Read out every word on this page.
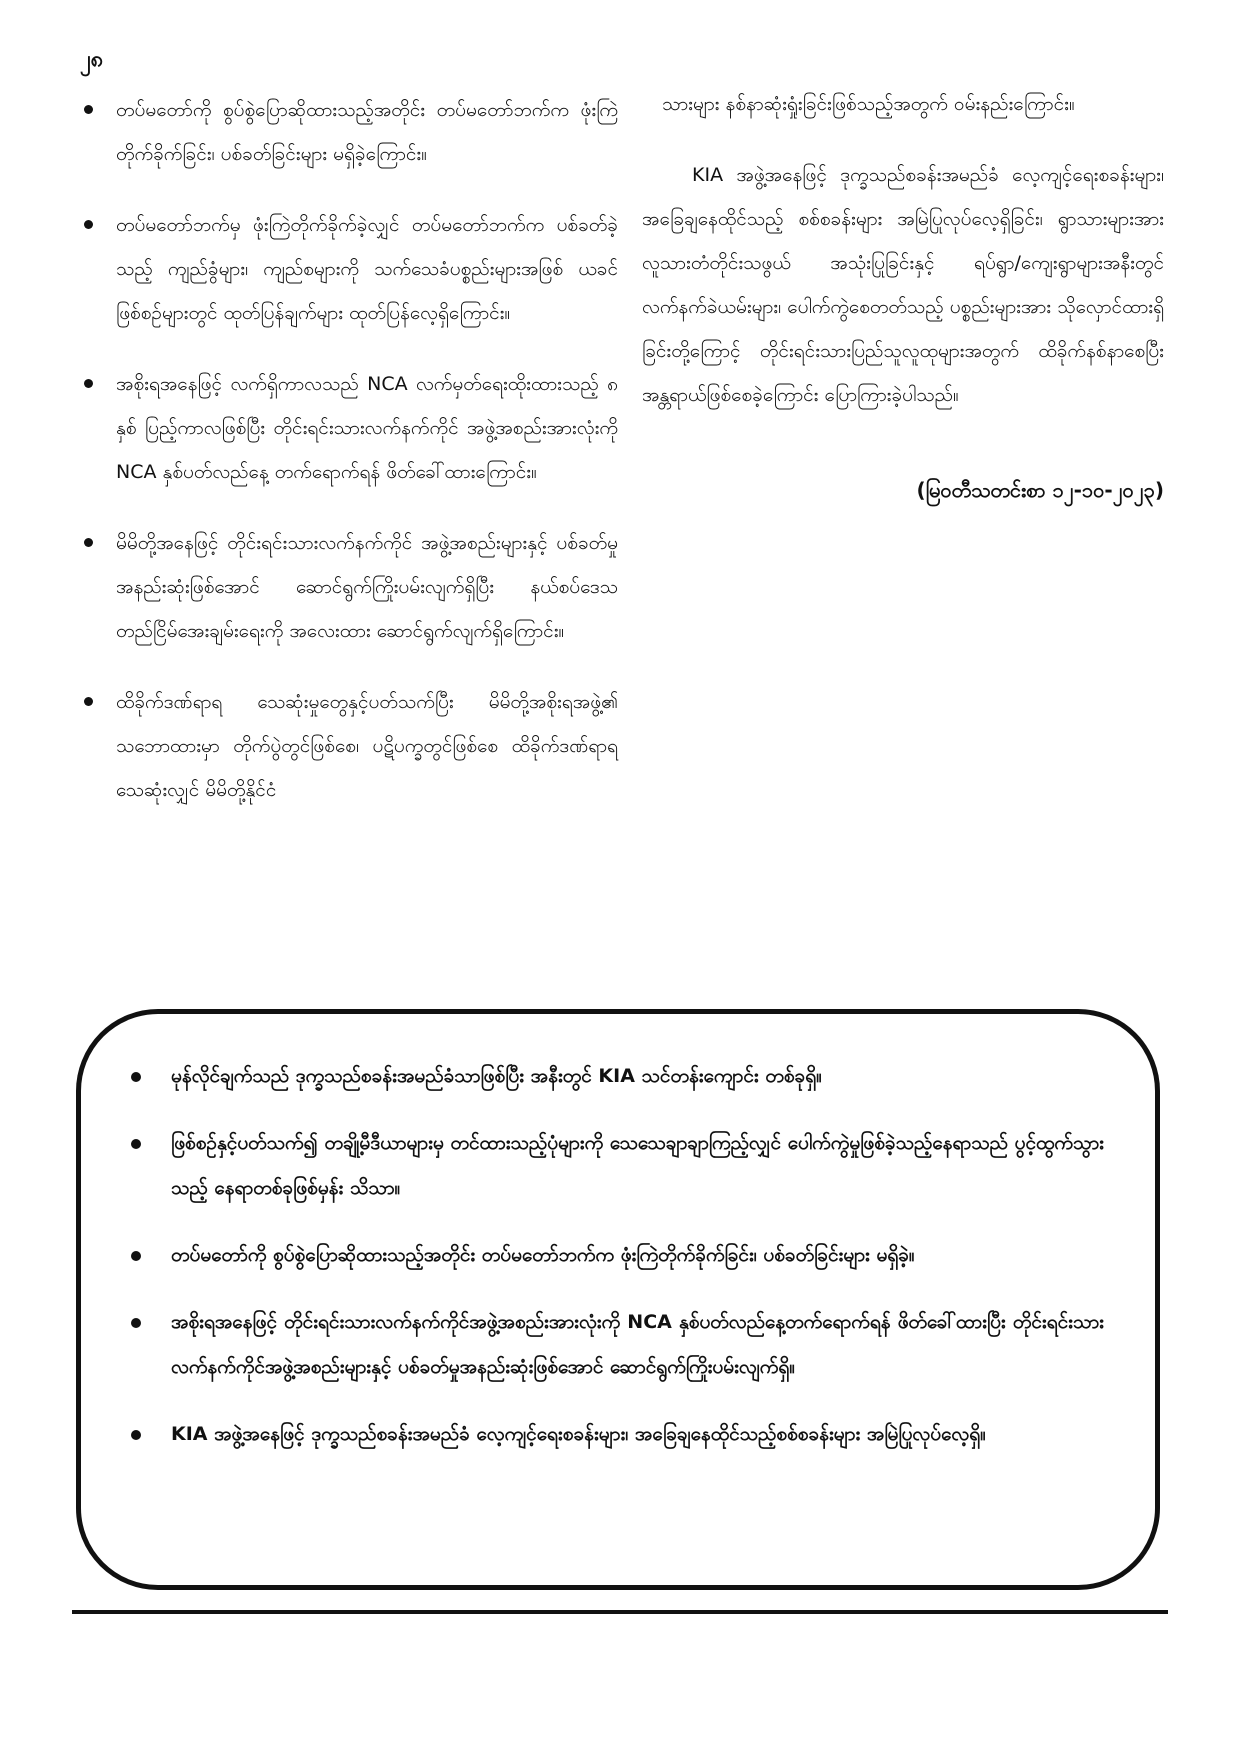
၂၈
တပ်မတော်ကို စွပ်စွဲပြောဆိုထားသည့်အတိုင်း တပ်မတော်ဘက်က ဖုံးကြဲတိုက်ခိုက်ခြင်း၊ ပစ်ခတ်ခြင်းများ မရှိခဲ့ကြောင်း။
တပ်မတော်ဘက်မှ ဖုံးကြဲတိုက်ခိုက်ခဲ့လျှင် တပ်မတော်ဘက်က ပစ်ခတ်ခဲ့သည့် ကျည်ခွံများ၊ ကျည်စများကို သက်သေခံပစ္စည်းများအဖြစ် ယခင်ဖြစ်စဉ်များတွင် ထုတ်ပြန်ချက်များ ထုတ်ပြန်လေ့ရှိကြောင်း။
အစိုးရအနေဖြင့် လက်ရှိကာလသည် NCA လက်မှတ်ရေးထိုးထားသည့် ၈ နှစ် ပြည့်ကာလဖြစ်ပြီး တိုင်းရင်းသားလက်နက်ကိုင် အဖွဲ့အစည်းအားလုံးကို NCA နှစ်ပတ်လည်နေ့ တက်ရောက်ရန် ဖိတ်ခေါ်ထားကြောင်း။
မိမိတို့အနေဖြင့် တိုင်းရင်းသားလက်နက်ကိုင် အဖွဲ့အစည်းများနှင့် ပစ်ခတ်မှု အနည်းဆုံးဖြစ်အောင် ဆောင်ရွက်ကြိုးပမ်းလျက်ရှိပြီး နယ်စပ်ဒေသ တည်ငြိမ်အေးချမ်းရေးကို အလေးထား ဆောင်ရွက်လျက်ရှိကြောင်း။
ထိခိုက်ဒဏ်ရာရ သေဆုံးမှုတွေနှင့်ပတ်သက်ပြီး မိမိတို့အစိုးရအဖွဲ့၏ သဘောထားမှာ တိုက်ပွဲတွင်ဖြစ်စေ၊ ပဋိပက္ခတွင်ဖြစ်စေ ထိခိုက်ဒဏ်ရာရ သေဆုံးလျှင် မိမိတို့နိုင်ငံ

သားများ နစ်နာဆုံးရှုံးခြင်းဖြစ်သည့်အတွက် ဝမ်းနည်းကြောင်း။

KIA အဖွဲ့အနေဖြင့် ဒုက္ခသည်စခန်းအမည်ခံ လေ့ကျင့်ရေးစခန်းများ၊ အခြေချနေထိုင်သည့် စစ်စခန်းများ အမြဲပြုလုပ်လေ့ရှိခြင်း၊ ရွာသားများအား လူသားတံတိုင်းသဖွယ် အသုံးပြုခြင်းနှင့် ရပ်ရွာ/ကျေးရွာများအနီးတွင် လက်နက်ခဲယမ်းများ၊ ပေါက်ကွဲစေတတ်သည့် ပစ္စည်းများအား သိုလှောင်ထားရှိခြင်းတို့ကြောင့် တိုင်းရင်းသားပြည်သူလူထုများအတွက် ထိခိုက်နစ်နာစေပြီး အန္တရာယ်ဖြစ်စေခဲ့ကြောင်း ပြောကြားခဲ့ပါသည်။

(မြဝတီသတင်းစာ ၁၂-၁၀-၂၀၂၃)
မုန်လိုင်ချက်သည် ဒုက္ခသည်စခန်းအမည်ခံသာဖြစ်ပြီး အနီးတွင် KIA သင်တန်းကျောင်း တစ်ခုရှိ။
ဖြစ်စဉ်နှင့်ပတ်သက်၍ တချို့မီဒီယာများမှ တင်ထားသည့်ပုံများကို သေသေချာချာကြည့်လျှင် ပေါက်ကွဲမှုဖြစ်ခဲ့သည့်နေရာသည် ပွင့်ထွက်သွားသည့် နေရာတစ်ခုဖြစ်မှန်း သိသာ။
တပ်မတော်ကို စွပ်စွဲပြောဆိုထားသည့်အတိုင်း တပ်မတော်ဘက်က ဖုံးကြဲတိုက်ခိုက်ခြင်း၊ ပစ်ခတ်ခြင်းများ မရှိခဲ့။
အစိုးရအနေဖြင့် တိုင်းရင်းသားလက်နက်ကိုင်အဖွဲ့အစည်းအားလုံးကို NCA နှစ်ပတ်လည်နေ့တက်ရောက်ရန် ဖိတ်ခေါ်ထားပြီး တိုင်းရင်းသားလက်နက်ကိုင်အဖွဲ့အစည်းများနှင့် ပစ်ခတ်မှုအနည်းဆုံးဖြစ်အောင် ဆောင်ရွက်ကြိုးပမ်းလျက်ရှိ။
KIA အဖွဲ့အနေဖြင့် ဒုက္ခသည်စခန်းအမည်ခံ လေ့ကျင့်ရေးစခန်းများ၊ အခြေချနေထိုင်သည့်စစ်စခန်းများ အမြဲပြုလုပ်လေ့ရှိ။
